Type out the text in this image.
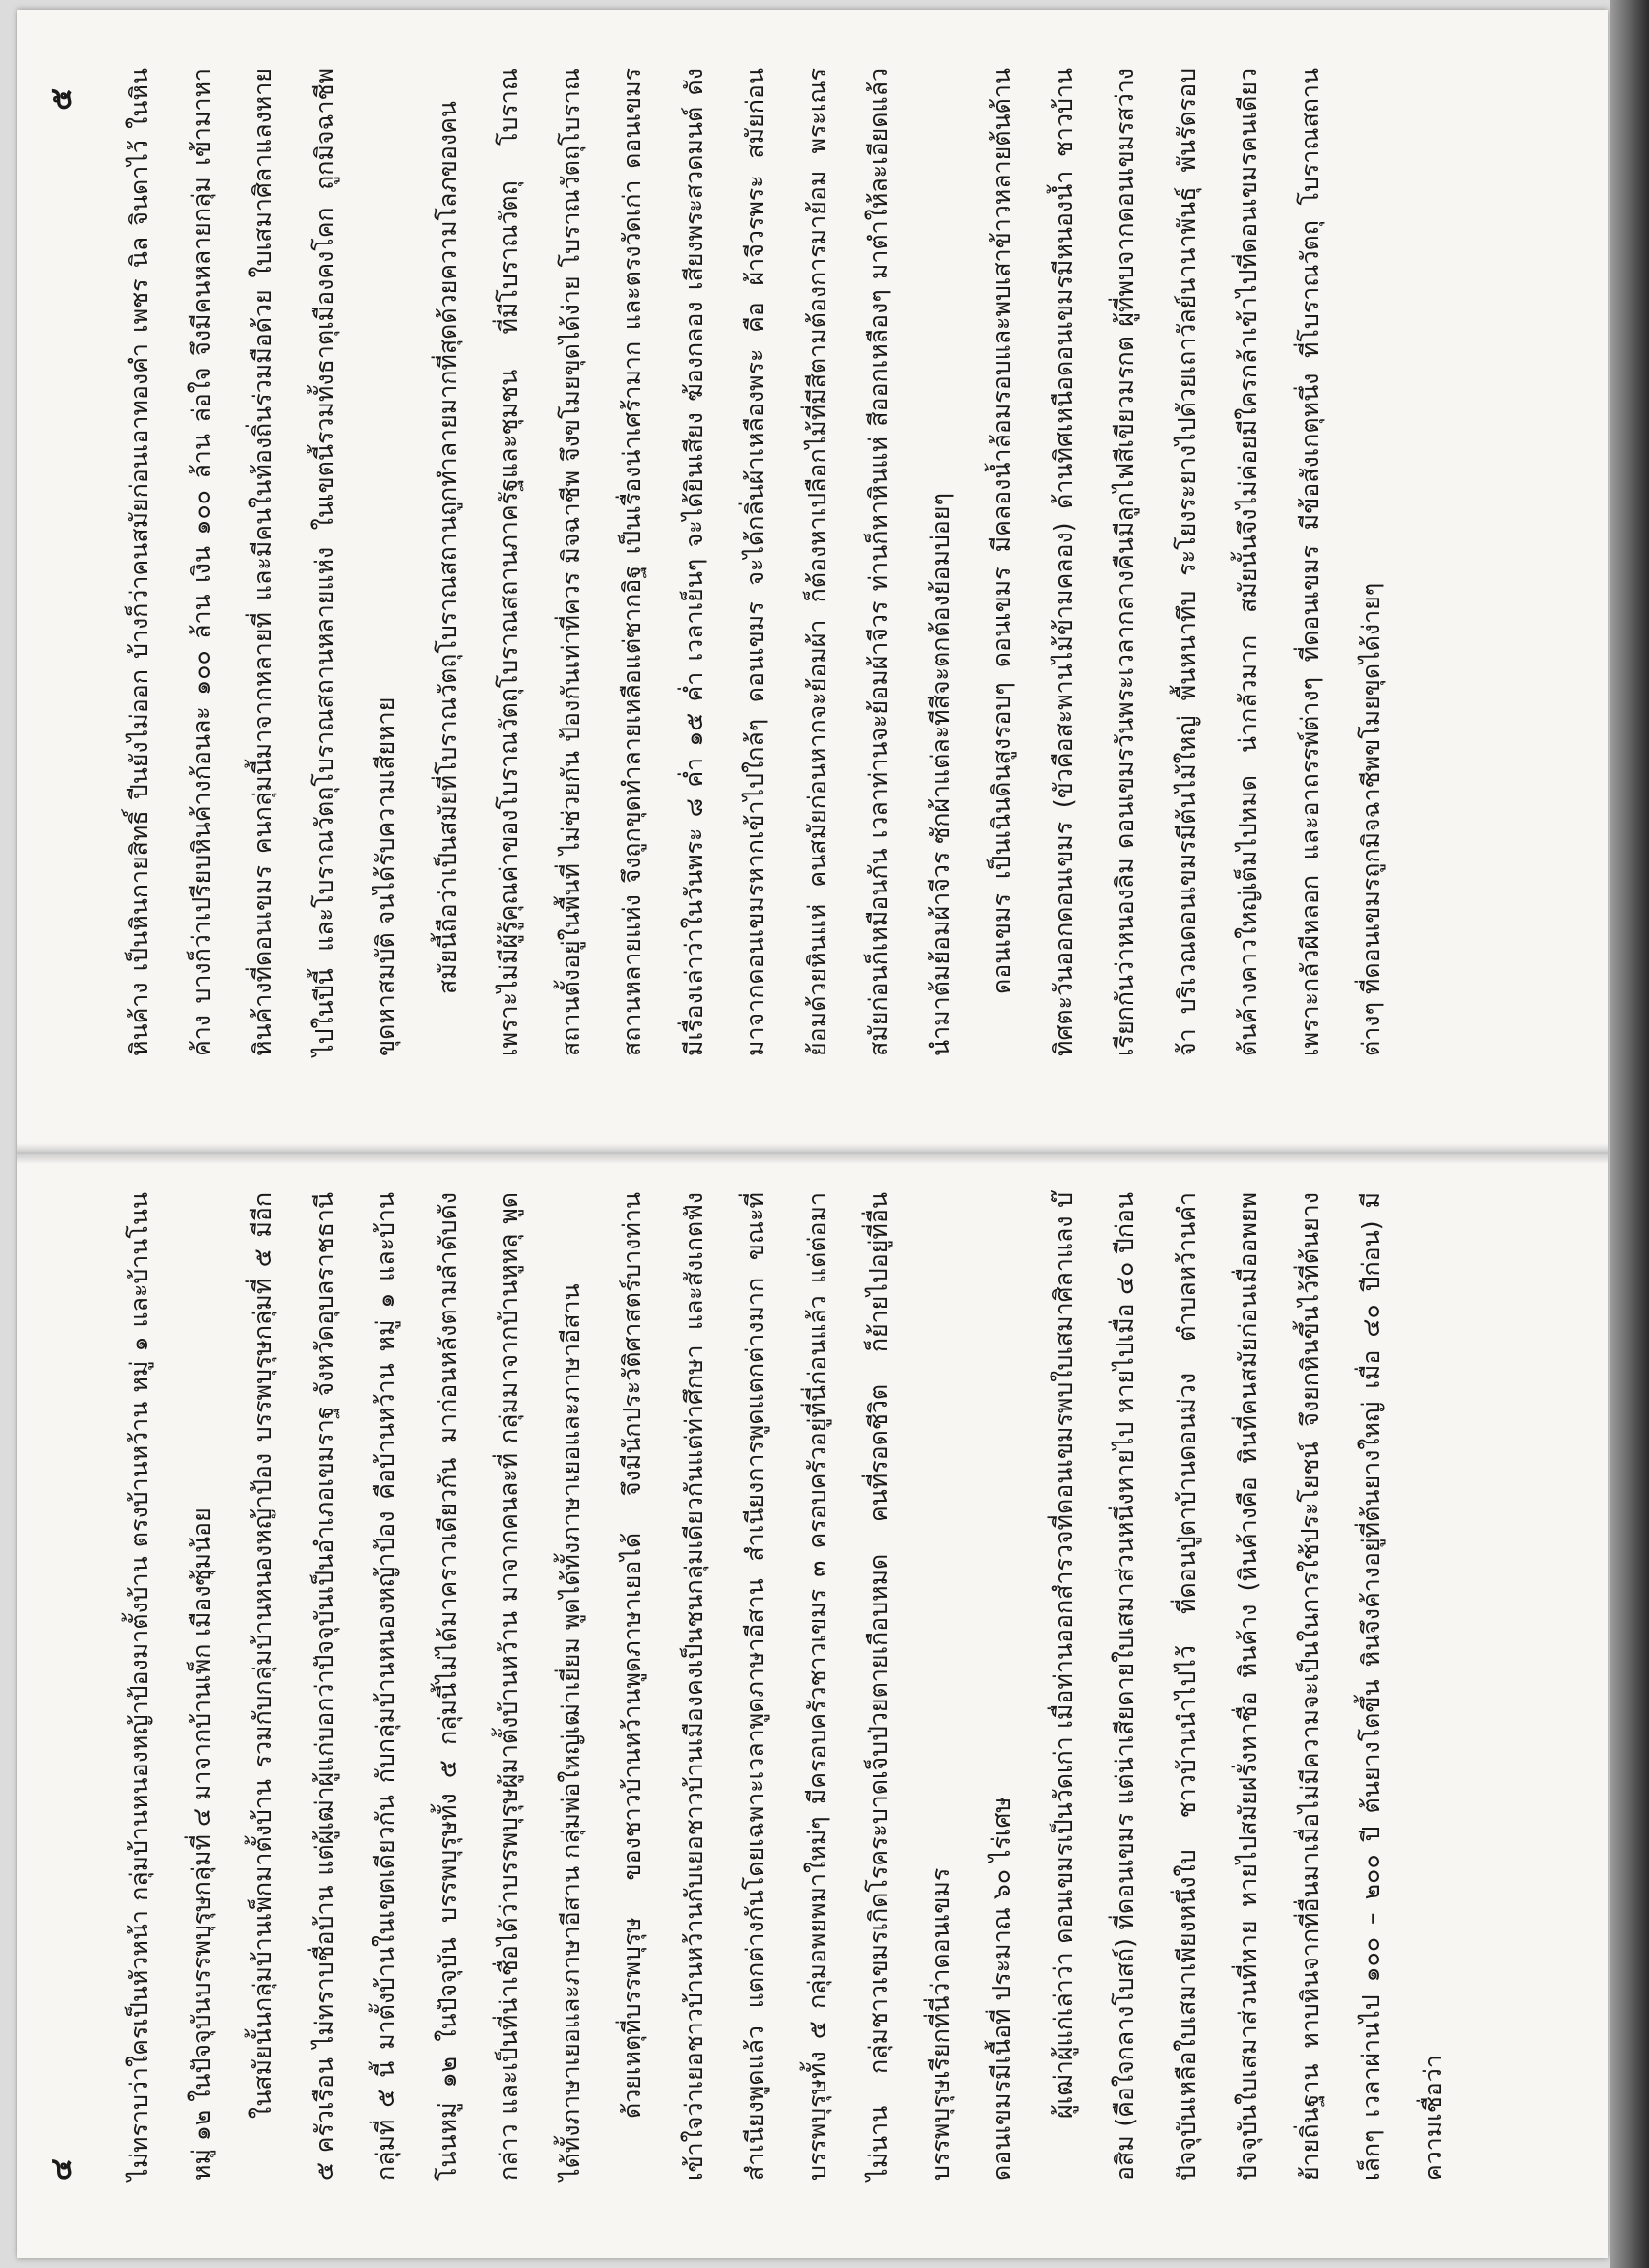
๔	ไม่ทราบว่าใครเป็นหัวหน้า กลุ่มบ้านหนองหญ้าป้องมาตั้งบ้าน ตรงบ้านหว้าน หมู่ ๑ และบ้านโนนหมู่ ๑๒ ในปัจจุบันบรรพบุรุษกลุ่มที่ ๔ มาจากบ้านเพ็ก เมืองซุ้มน้อย	ในสมัยนั้นกลุ่มบ้านเพ็กมาตั้งบ้าน รวมกับกลุ่มบ้านหนองหญ้าป้อง บรรพบุรุษกลุ่มที่ ๕ มีอีก ๕ ครัวเรือน ไม่ทราบชื่อบ้าน แต่ผู้เฒ่าผู้แก่บอกว่าปัจจุบันเป็นอำเภอเขมราฐ จังหวัดอุบลราชธานี กลุ่มที่ ๕ นี้ มาตั้งบ้านในเขตเดียวกัน กับกลุ่มบ้านหนองหญ้าป้อง คือบ้านหว้าน หมู่ ๑ และบ้านโนนหมู่ ๑๒ ในปัจจุบัน บรรพบุรุษทั้ง ๕ กลุ่มนี้ไม่ได้มาคราวเดียวกัน มาก่อนหลังตามลำดับดังกล่าว และเป็นที่น่าเชื่อได้ว่าบรรพบุรุษผู้มาตั้งบ้านหว้าน มาจากคนละที่ กลุ่มมาจากบ้านหูหลุ พูดได้ทั้งภาษาเยอและภาษาอีสาน กลุ่มพ่อใหญ่เฒ่าเยี่ยม พูดได้ทั้งภาษาเยอและภาษาอีสาน	ด้วยเหตุที่บรรพบุรุษ ของชาวบ้านหว้านพูดภาษาเยอได้ จึงมีนักประวัติศาสตร์บางท่านเข้าใจว่าเยอชาวบ้านหว้านกับเยอชาวบ้านเมืองคงเป็นชนกลุ่มเดียวกันแต่ท่าศึกษา และสังเกตฟังสำเนียงพูดแล้ว แตกต่างกันโดยเฉพาะเวลาพูดภาษาอีสาน สำเนียงการพูดแตกต่างมาก ขณะที่บรรพบุรุษทั้ง ๕ กลุ่มอพยพมาใหม่ๆ มีครอบครัวชาวเขมร ๓ ครอบครัวอยู่ที่นี่ก่อนแล้ว แต่ต่อมาไม่นาน กลุ่มชาวเขมรเกิดโรคระบาดเจ็บป่วยตายเกือบหมด คนที่รอดชีวิต ก็ย้ายไปอยู่ที่อื่น บรรพบุรุษเรียกที่นี่ว่าดอนเขมร	ดอนเขมรมีเนื้อที่ ประมาณ ๖๐ ไร่เศษ	ผู้เฒ่าผู้แก่เล่าว่า ดอนเขมรเป็นวัดเก่า เมื่อท่านออกสำรวจที่ดอนเขมรพบใบเสมาศิลาแลง บ๊อสิม (คือใจกลางโบสถ์) ที่ดอนเขมร แต่น่าเสียดายใบเสมาส่วนหนึ่งหายไป หายไปเมื่อ ๔๐ ปีก่อน ปัจจุบันเหลือใบเสมาเพียงหนึ่งใบ ชาวบ้านนำไปไว้ ที่ดอนปู่ตาบ้านดอนม่วง ตำบลหว้านคำ ปัจจุบันใบเสมาส่วนที่หาย หายไปสมัยฝรั่งหาชื่อ หินค้าง (หินค้างคือ หินที่คนสมัยก่อนเมื่ออพยพย้ายถิ่นฐาน หาบหินจากที่อื่นมาเมื่อไม่มีความจะเป็นในการใช้ประโยชน์ จึงยกหินขึ้นไว้ที่ต้นยางเล็กๆ เวลาผ่านไป ๑๐๐ – ๒๐๐ ปี ต้นยางโตขึ้น หินจึงค้างอยู่ที่ต้นยางใหญ่ เมื่อ ๔๐ ปีก่อน) มีความเชื่อว่า

๕	หินค้าง เป็นหินกายสิทธิ์ ปีนยังไม่ออก บ้างก็ว่าคนสมัยก่อนเอาทองคำ เพชร นิล จินดาไว้ ในหินค้าง บางก็ว่าเปรียบหินค้างก้อนละ ๑๐๐ ล้าน เงิน ๑๐๐ ล้าน ล่อใจ จึงมีคนหลายกลุ่ม เข้ามาหาหินค้างที่ดอนเขมร คนกลุ่มนี้มาจากหลายที่ และมีคนในท้องถิ่นร่วมมือด้วย ใบเสมาศิลาแลงหายไปในปีนี้ และโบราณวัตถุโบราณสถานหลายแห่ง ในเขตนี้รวมทั้งธาตุเมืองคงโคก ถูกมิจฉาชีพขุดหาสมบัติ จนได้รับความเสียหาย	สมัยนี้ถือว่าเป็นสมัยที่โบราณวัตถุโบราณสถานถูกทำลายมากที่สุดด้วยความโลภของคน เพราะไม่มีผู้รู้คุณค่าของโบราณวัตถุโบราณสถานภาครัฐและชุมชน ที่มีโบราณวัตถุ โบราณสถานตั้งอยู่ในพื้นที่ ไม่ช่วยกัน ป้องกันเท่าที่ควร มิจฉาชีพ จึงขโมยขุดได้ง่าย โบราณวัตถุโบราณสถานหลายแห่ง จึงถูกขุดทำลายเหลือแต่ซากอิฐ เป็นเรื่องน่าเศร้ามาก และตรงวัดเก่า ดอนเขมรมีเรื่องเล่าว่าในวันพระ ๘ ค่ำ ๑๕ ค่ำ เวลาเย็นๆ จะได้ยินเสียง ฆ้องกลอง เสียงพระสวดมนต์ ดังมาจากดอนเขมรหากเข้าไปใกล้ๆ ดอนเขมร จะได้กลิ่นผ้าเหลืองพระ คือ ผ้าจีวรพระ สมัยก่อนย้อมด้วยหินแห่ คนสมัยก่อนหากจะย้อมผ้า ก็ต้องหาเปลือกไม้ที่มีสีตามต้องการมาย้อม พระเณรสมัยก่อนก็เหมือนกัน เวลาท่านจะย้อมผ้าจีวร ท่านก็หาหินแห่ สีออกเหลืองๆ มาตำให้ละเอียดแล้วนำมาต้มย้อมผ้าจีวร ซักผ้าแต่ละทีสีจะตกต้องย้อมบ่อยๆ	ดอนเขมร เป็นเนินดินสูงรอบๆ ดอนเขมร มีคลองน้ำล้อมรอบและพบเสาข้าวหลายต้นด้านทิศตะวันออกดอนเขมร (ขัวคือสะพานไม้ข้ามคลอง) ด้านทิศเหนือดอนเขมรมีหนองน้ำ ชาวบ้านเรียกกันว่าหนองลิม ดอนเขมรวันพระเวลากลางคืนมีลูกไฟสีเขียวมรกต ผู้ที่พบจากดอนเขมรสว่างจ้า บริเวณดอนเขมรมีต้นไม้ใหญ่ พื้นหนาทึบ ระโยงระยางไปด้วยเถาวัลย์นานาพันธุ์ พันรัดรอบต้นค้างคาวใหญ่เต็มไปหมด น่ากลัวมาก สมัยนั้นจึงไม่ค่อยมีใครกล้าเข้าไปที่ดอนเขมรคนเดียว เพราะกลัวผีหลอก และอาถรรพ์ต่างๆ ที่ดอนเขมร มีข้อสังเกตุหนึ่ง ที่โบราณวัตถุ โบราณสถานต่างๆ ที่ดอนเขมรถูกมิจฉาชีพขโมยขุดได้ง่ายๆ
